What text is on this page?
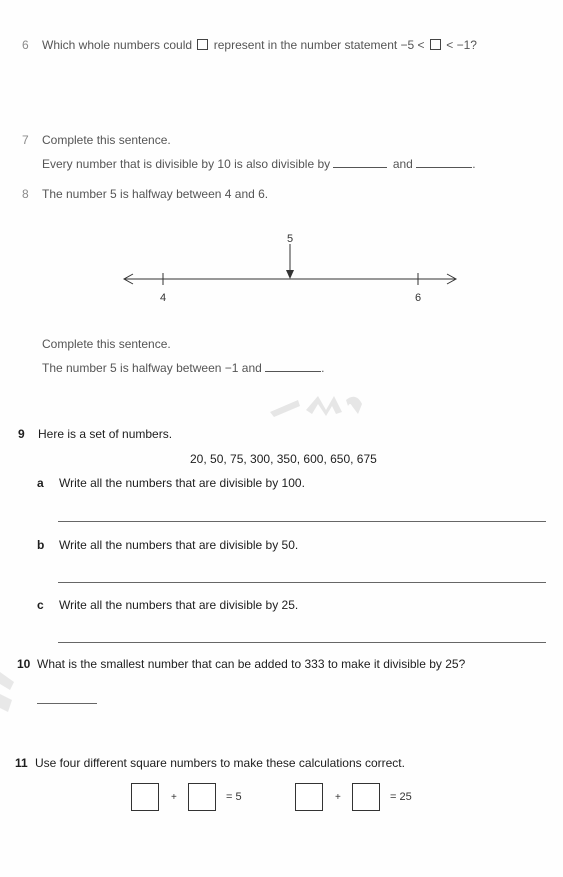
6 Which whole numbers could represent in the number statement −5 < < −1?
7 Complete this sentence.
Every number that is divisible by 10 is also divisible by	and	.
8 The number 5 is halfway between 4 and 6.
4	6
5
Complete this sentence.
The number 5 is halfway between −1 and	.
9 Here is a set of numbers.
20, 50, 75, 300, 350, 600, 650, 675
a Write all the numbers that are divisible by 100.
b Write all the numbers that are divisible by 50.
c Write all the numbers that are divisible by 25.
10 What is the smallest number that can be added to 333 to make it divisible by 25?
11 Use four different square numbers to make these calculations correct.
+	= 5	+	= 25
